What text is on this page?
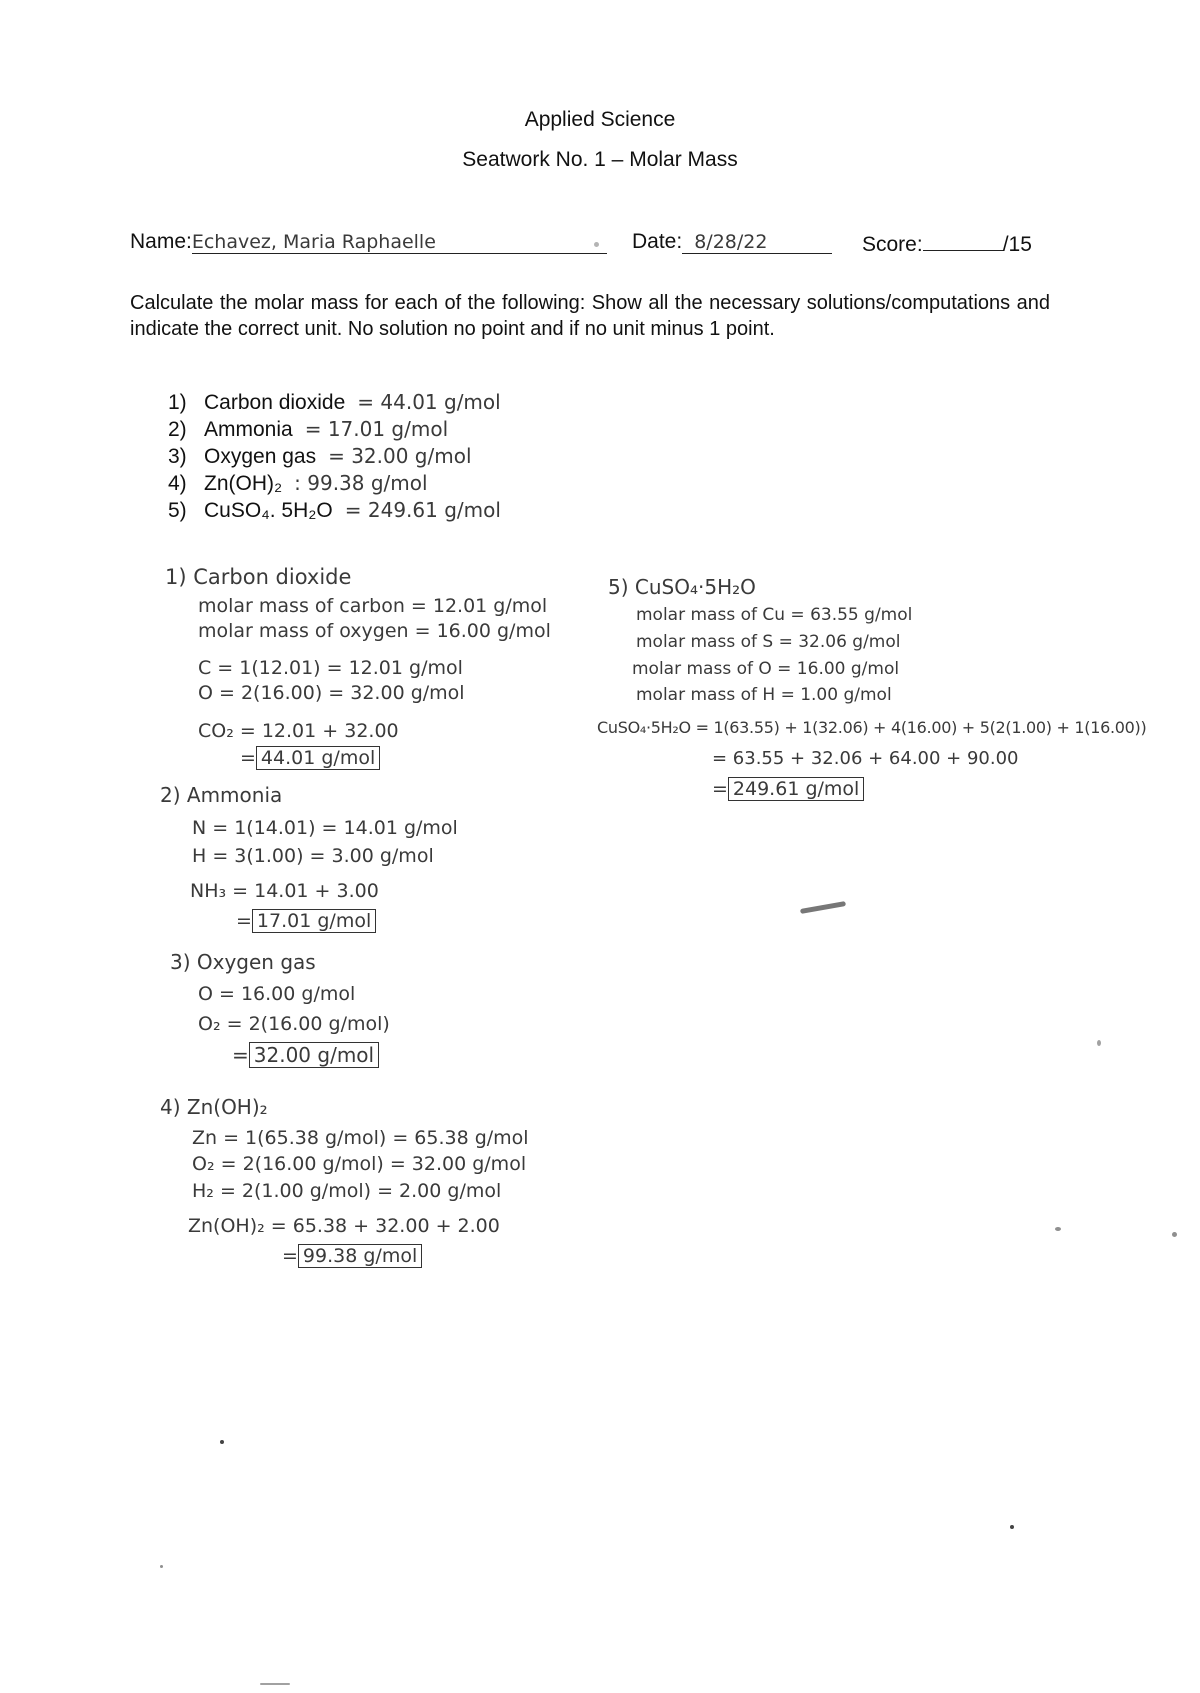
Applied Science
Seatwork No. 1 – Molar Mass
Name:Echavez, Maria Raphaelle	Date: 8/28/22	Score:	/15
Calculate the molar mass for each of the following: Show all the necessary solutions/computations and indicate the correct unit. No solution no point and if no unit minus 1 point.
1) Carbon dioxide = 44.01 g/mol
2) Ammonia = 17.01 g/mol
3) Oxygen gas = 32.00 g/mol
4) Zn(OH)₂ : 99.38 g/mol
5) CuSO₄. 5H₂O = 249.61 g/mol
1) Carbon dioxide
molar mass of carbon = 12.01 g/mol
molar mass of oxygen = 16.00 g/mol
C = 1(12.01) = 12.01 g/mol
O = 2(16.00) = 32.00 g/mol
CO₂ = 12.01 + 32.00
= 44.01 g/mol
2) Ammonia
N = 1(14.01) = 14.01 g/mol
H = 3(1.00) = 3.00 g/mol
NH₃ = 14.01 + 3.00
= 17.01 g/mol
3) Oxygen gas
O = 16.00 g/mol
O₂ = 2(16.00 g/mol)
= 32.00 g/mol
4) Zn(OH)₂
Zn = 1(65.38 g/mol) = 65.38 g/mol
O₂ = 2(16.00 g/mol) = 32.00 g/mol
H₂ = 2(1.00 g/mol) = 2.00 g/mol
Zn(OH)₂ = 65.38 + 32.00 + 2.00
= 99.38 g/mol
5) CuSO₄·5H₂O
molar mass of Cu = 63.55 g/mol
molar mass of S = 32.06 g/mol
molar mass of O = 16.00 g/mol
molar mass of H = 1.00 g/mol
CuSO₄·5H₂O = 1(63.55) + 1(32.06) + 4(16.00) + 5(2(1.00) + 1(16.00))
= 63.55 + 32.06 + 64.00 + 90.00
= 249.61 g/mol
